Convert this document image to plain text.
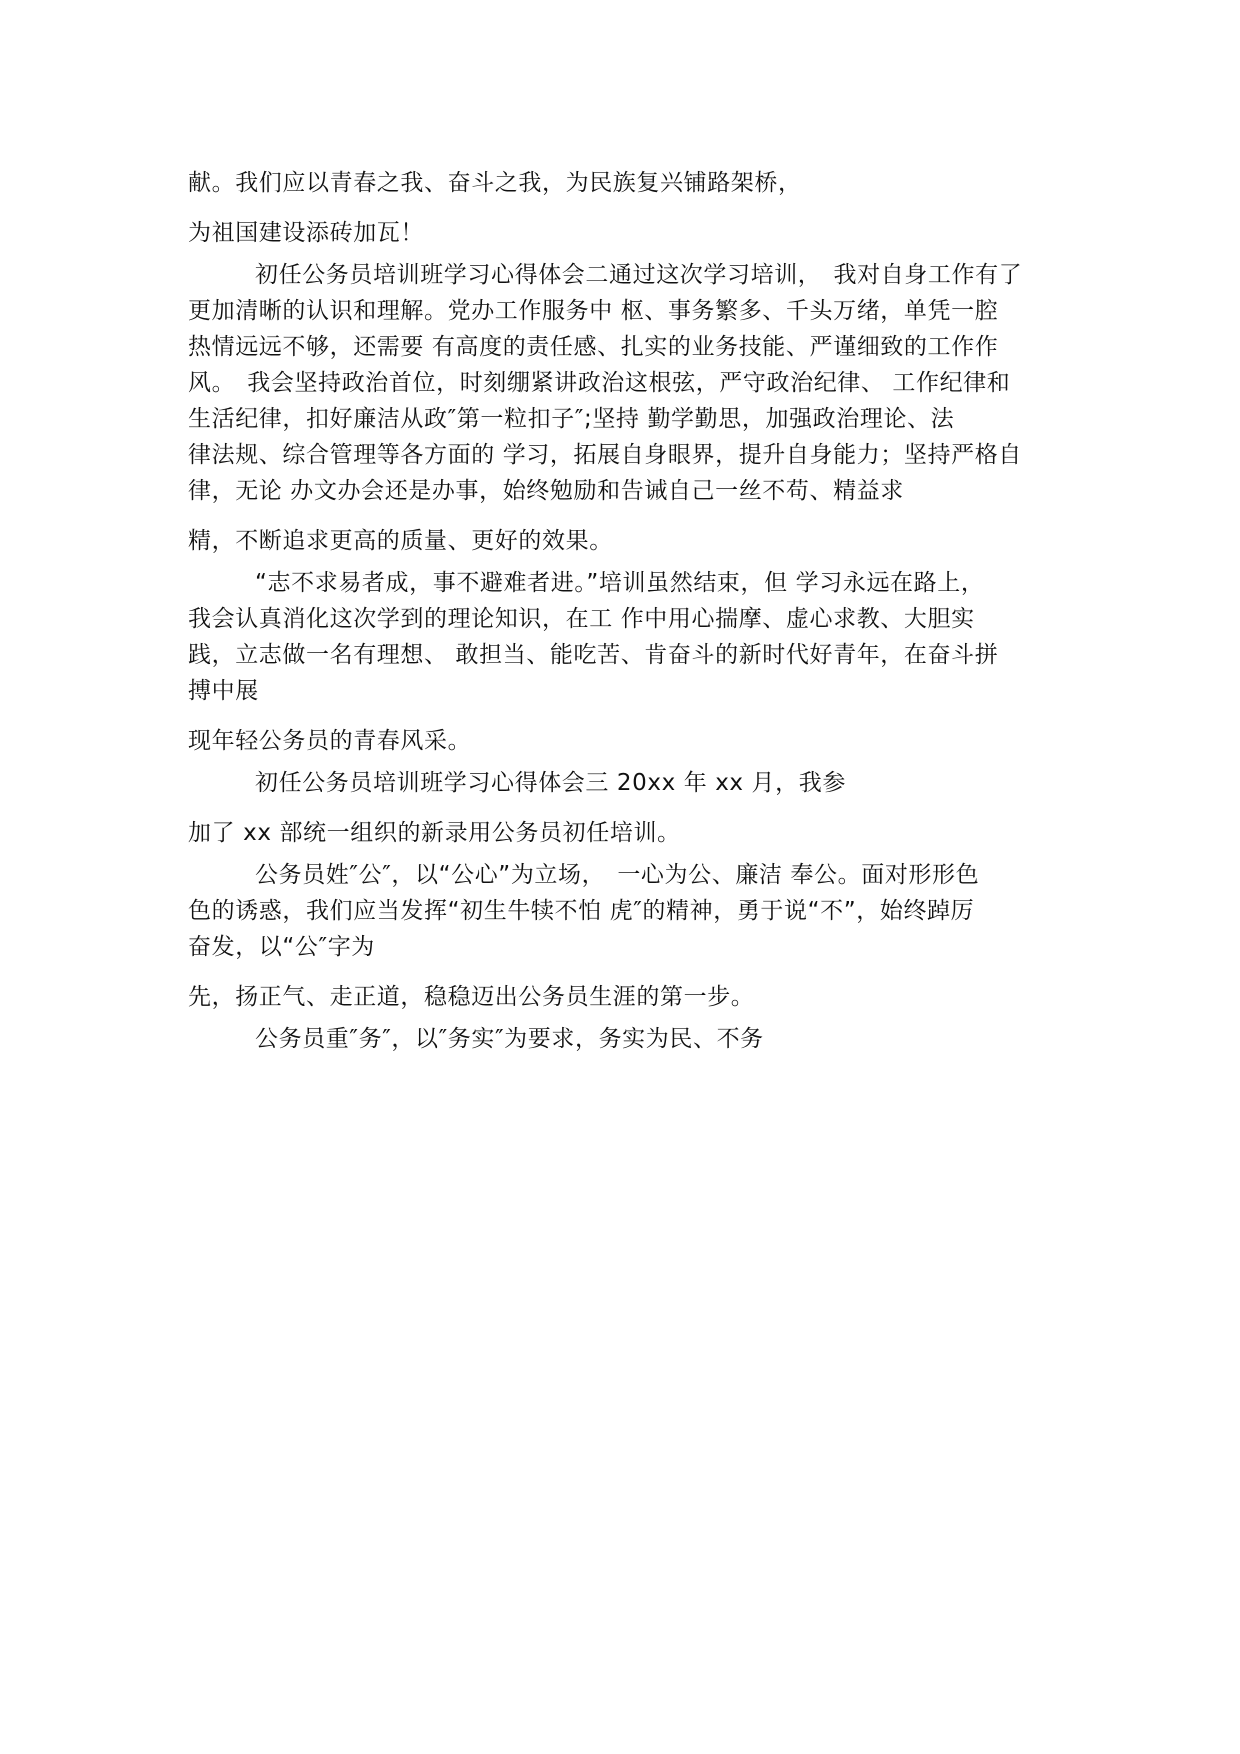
献。我们应以青春之我、奋斗之我，为民族复兴铺路架桥，
为祖国建设添砖加瓦！
初任公务员培训班学习心得体会二通过这次学习培训，　我对自身工作有了
更加清晰的认识和理解。党办工作服务中 枢、事务繁多、千头万绪，单凭一腔
热情远远不够，还需要 有高度的责任感、扎实的业务技能、严谨细致的工作作
风。　我会坚持政治首位，时刻绷紧讲政治这根弦，严守政治纪律、 工作纪律和
生活纪律，扣好廉洁从政″第一粒扣子″;坚持 勤学勤思，加强政治理论、法
律法规、综合管理等各方面的 学习，拓展自身眼界，提升自身能力；坚持严格自
律，无论 办文办会还是办事，始终勉励和告诫自己一丝不苟、精益求
精，不断追求更高的质量、更好的效果。
“志不求易者成，事不避难者进。”培训虽然结束，但 学习永远在路上，
我会认真消化这次学到的理论知识，在工 作中用心揣摩、虚心求教、大胆实
践，立志做一名有理想、 敢担当、能吃苦、肯奋斗的新时代好青年，在奋斗拼
搏中展
现年轻公务员的青春风采。
初任公务员培训班学习心得体会三 20xx 年 xx 月，我参
加了 xx 部统一组织的新录用公务员初任培训。
公务员姓″公″，以“公心”为立场，　一心为公、廉洁 奉公。面对形形色
色的诱惑，我们应当发挥“初生牛犊不怕 虎″的精神，勇于说“不”，始终踔厉
奋发，以“公″字为
先，扬正气、走正道，稳稳迈出公务员生涯的第一步。
公务员重″务″，以″务实″为要求，务实为民、不务
